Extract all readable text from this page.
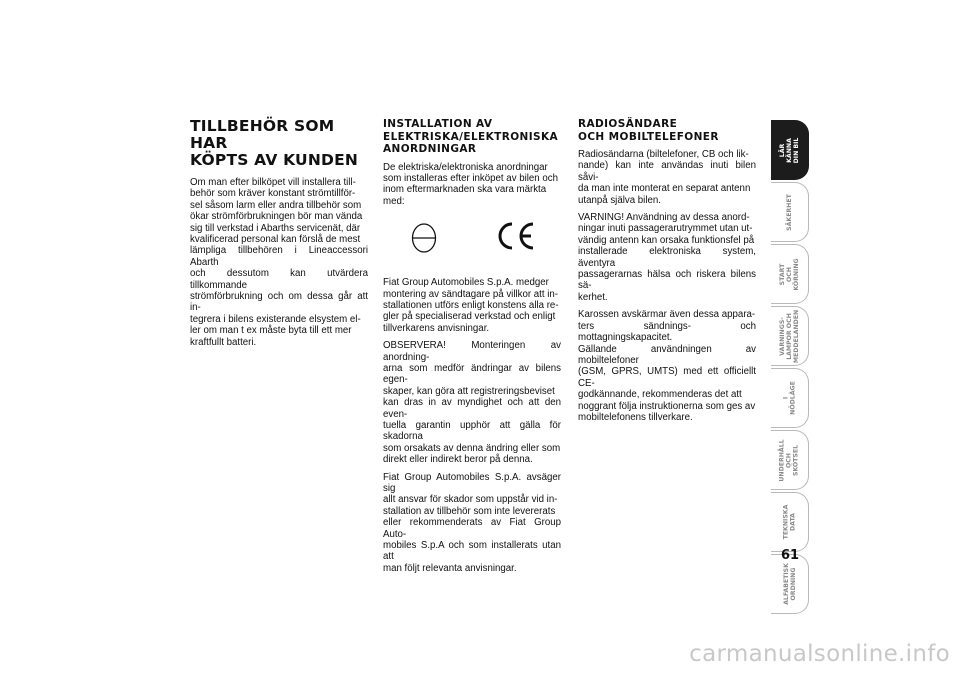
TILLBEHÖR SOM HAR
KÖPTS AV KUNDEN

Om man efter bilköpet vill installera till-
behör som kräver konstant strömtillför-
sel såsom larm eller andra tillbehör som
ökar strömförbrukningen bör man vända
sig till verkstad i Abarths servicenät, där
kvalificerad personal kan förslå de mest
lämpliga tillbehören i Lineaccessori Abarth
och dessutom kan utvärdera tillkommande
strömförbrukning och om dessa går att in-
tegrera i bilens existerande elsystem el-
ler om man t ex måste byta till ett mer
kraftfullt batteri.

INSTALLATION AV
ELEKTRISKA/ELEKTRONISKA
ANORDNINGAR

De elektriska/elektroniska anordningar
som installeras efter inköpet av bilen och
inom eftermarknaden ska vara märkta
med:

Fiat Group Automobiles S.p.A. medger
montering av sändtagare på villkor att in-
stallationen utförs enligt konstens alla re-
gler på specialiserad verkstad och enligt
tillverkarens anvisningar.

OBSERVERA! Monteringen av anordning-
arna som medför ändringar av bilens egen-
skaper, kan göra att registreringsbeviset
kan dras in av myndighet och att den even-
tuella garantin upphör att gälla för skadorna
som orsakats av denna ändring eller som
direkt eller indirekt beror på denna.

Fiat Group Automobiles S.p.A. avsäger sig
allt ansvar för skador som uppstår vid in-
stallation av tillbehör som inte levererats
eller rekommenderats av Fiat Group Auto-
mobiles S.p.A och som installerats utan att
man följt relevanta anvisningar.

RADIOSÄNDARE
OCH MOBILTELEFONER

Radiosändarna (biltelefoner, CB och lik-
nande) kan inte användas inuti bilen såvi-
da man inte monterat en separat antenn
utanpå själva bilen.

VARNING! Användning av dessa anord-
ningar inuti passagerarutrymmet utan ut-
vändig antenn kan orsaka funktionsfel på
installerade elektroniska system, äventyra
passagerarnas hälsa och riskera bilens sä-
kerhet.

Karossen avskärmar även dessa appara-
ters sändnings- och mottagningskapacitet.
Gällande användningen av mobiltelefoner
(GSM, GPRS, UMTS) med ett officiellt CE-
godkännande, rekommenderas det att
noggrant följa instruktionerna som ges av
mobiltelefonens tillverkare.

LÄR KÄNNA
DIN BIL
SÄKERHET
START OCH
KÖRNING
VARNINGS-
LAMPOR OCH
MEDDELANDEN
I NÖDLÄGE
UNDERHÅLL
OCH SKÖTSEL
TEKNISKA
DATA
ALFABETISK
ORDNING
61
carmanualsonline.info
